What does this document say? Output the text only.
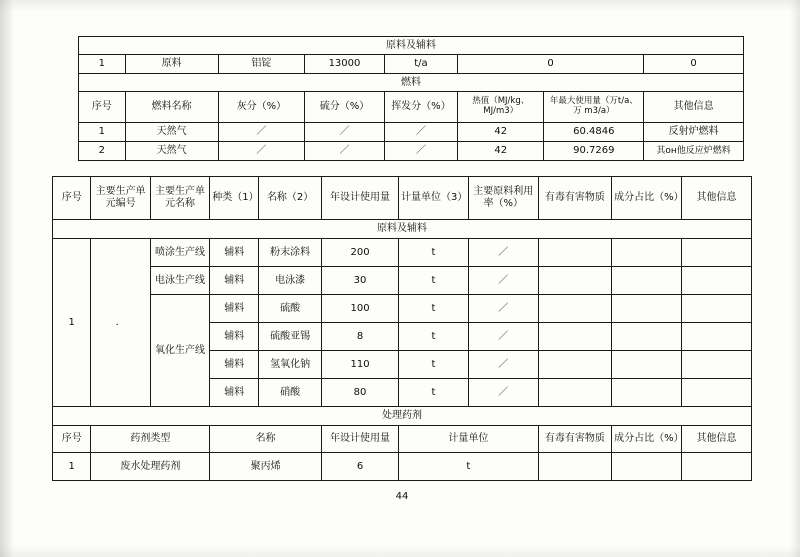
原料及辅料							
1	原料	铝锭	13000	t/a	0		0
燃料							
序号	燃料名称	灰分（%）	硫分（%）	挥发分（%）	热值（MJ/kg、MJ/m3）	年最大使用量（万t/a、万 m3/a）	其他信息
1	天然气	／	／	／	42	60.4846	反射炉燃料
2	天然气	／	／	／	42	90.7269	其он他反应炉燃料
序号	主要生产单元编号	主要生产单元名称	种类（1）	名称（2）	年设计使用量	计量单位（3）	主要原料利用率（%）	有毒有害物质	成分占比（%）	其他信息
原料及辅料										
1	．	喷涂生产线	辅料	粉末涂料	200	t	／			
		电泳生产线	辅料	电泳漆	30	t	／			
		氧化生产线	辅料	硫酸	100	t	／			
			辅料	硫酸亚锡	8	t	／			
			辅料	氢氧化钠	110	t	／			
			辅料	硝酸	80	t	／			
处理药剂										
序号	药剂类型		名称		年设计使用量	计量单位		有毒有害物质	成分占比（%）	其他信息
1	废水处理药剂		聚丙烯		6	t				
44
